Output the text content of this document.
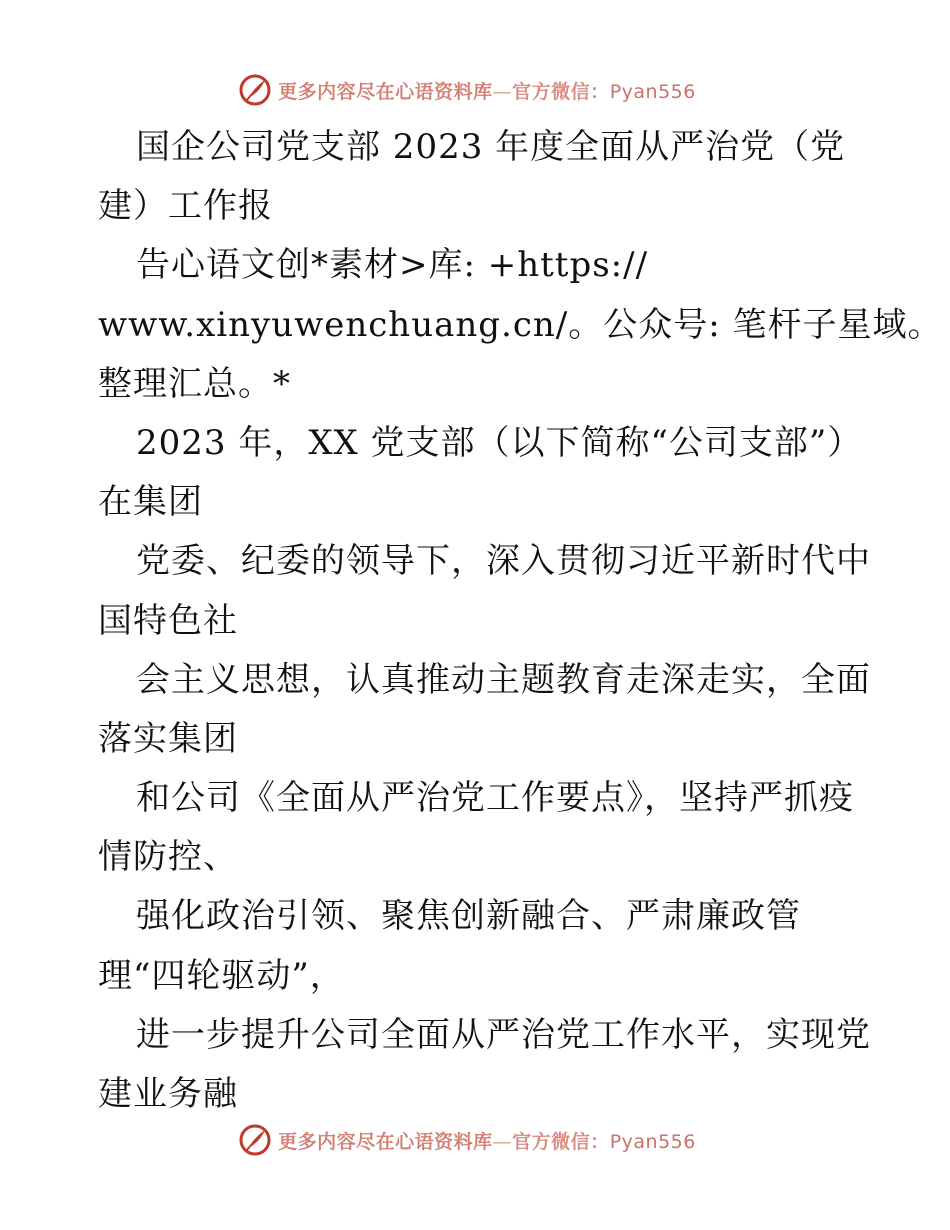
更多内容尽在心语资料库—官方微信：Pyan556
国企公司党支部 2023 年度全面从严治党（党
建）工作报
告心语文创*素材>库: +https://
www.xinyuwenchuang.cn/。公众号: 笔杆子星域。
整理汇总。*
2023 年，XX 党支部（以下简称“公司支部”）
在集团
党委、纪委的领导下，深入贯彻习近平新时代中
国特色社
会主义思想，认真推动主题教育走深走实，全面
落实集团
和公司《全面从严治党工作要点》，坚持严抓疫
情防控、
强化政治引领、聚焦创新融合、严肃廉政管
理“四轮驱动”，
进一步提升公司全面从严治党工作水平，实现党
建业务融
更多内容尽在心语资料库—官方微信：Pyan556
